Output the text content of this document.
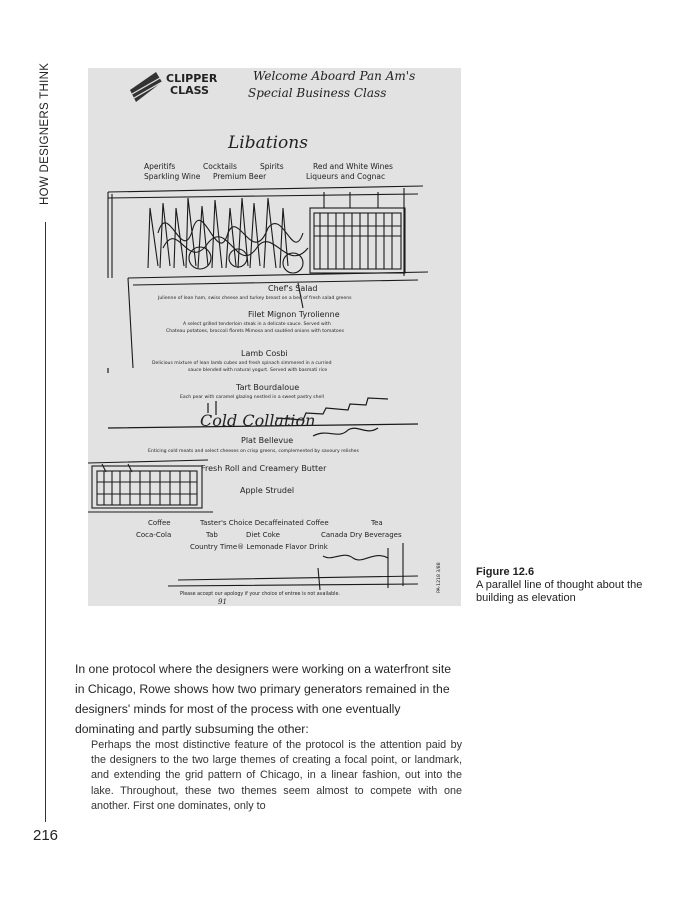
HOW DESIGNERS THINK
216
CLIPPER
CLASS
Welcome Aboard Pan Am's
Special Business Class
Libations
Aperitifs	Cocktails	Spirits	Red and White Wines
Sparkling Wine Premium Beer	Liqueurs and Cognac
Chef's Salad
Julienne of lean ham, swiss cheese and turkey breast on a bed of fresh salad greens
Filet Mignon Tyrolienne
A select grilled tenderloin steak in a delicate sauce. Served with
Chateau potatoes, broccoli florets Mimosa and sautéed onions with tomatoes
Lamb Cosbi
Delicious mixture of lean lamb cubes and fresh spinach simmered in a curried
sauce blended with natural yogurt. Served with basmati rice
Tart Bourdaloue
Each pear with caramel glazing nestled in a sweet pastry shell
Cold Collation
Plat Bellevue
Enticing cold meats and select cheeses on crisp greens, complemented by savoury relishes
Fresh Roll and Creamery Butter
Apple Strudel
Coffee	Taster's Choice Decaffeinated Coffee	Tea
Coca-Cola	Tab	Diet Coke	Canada Dry Beverages
Country Time® Lemonade Flavor Drink
Please accept our apology if your choice of entree is not available.
91
PA-1218 3/88	Figure 12.6
A parallel line of thought about the building as elevation

In one protocol where the designers were working on a waterfront site in Chicago, Rowe shows how two primary generators remained in the designers' minds for most of the process with one eventually dominating and partly subsuming the other:

Perhaps the most distinctive feature of the protocol is the attention paid by the designers to the two large themes of creating a focal point, or landmark, and extending the grid pattern of Chicago, in a linear fashion, out into the lake. Throughout, these two themes seem almost to compete with one another. First one dominates, only to
